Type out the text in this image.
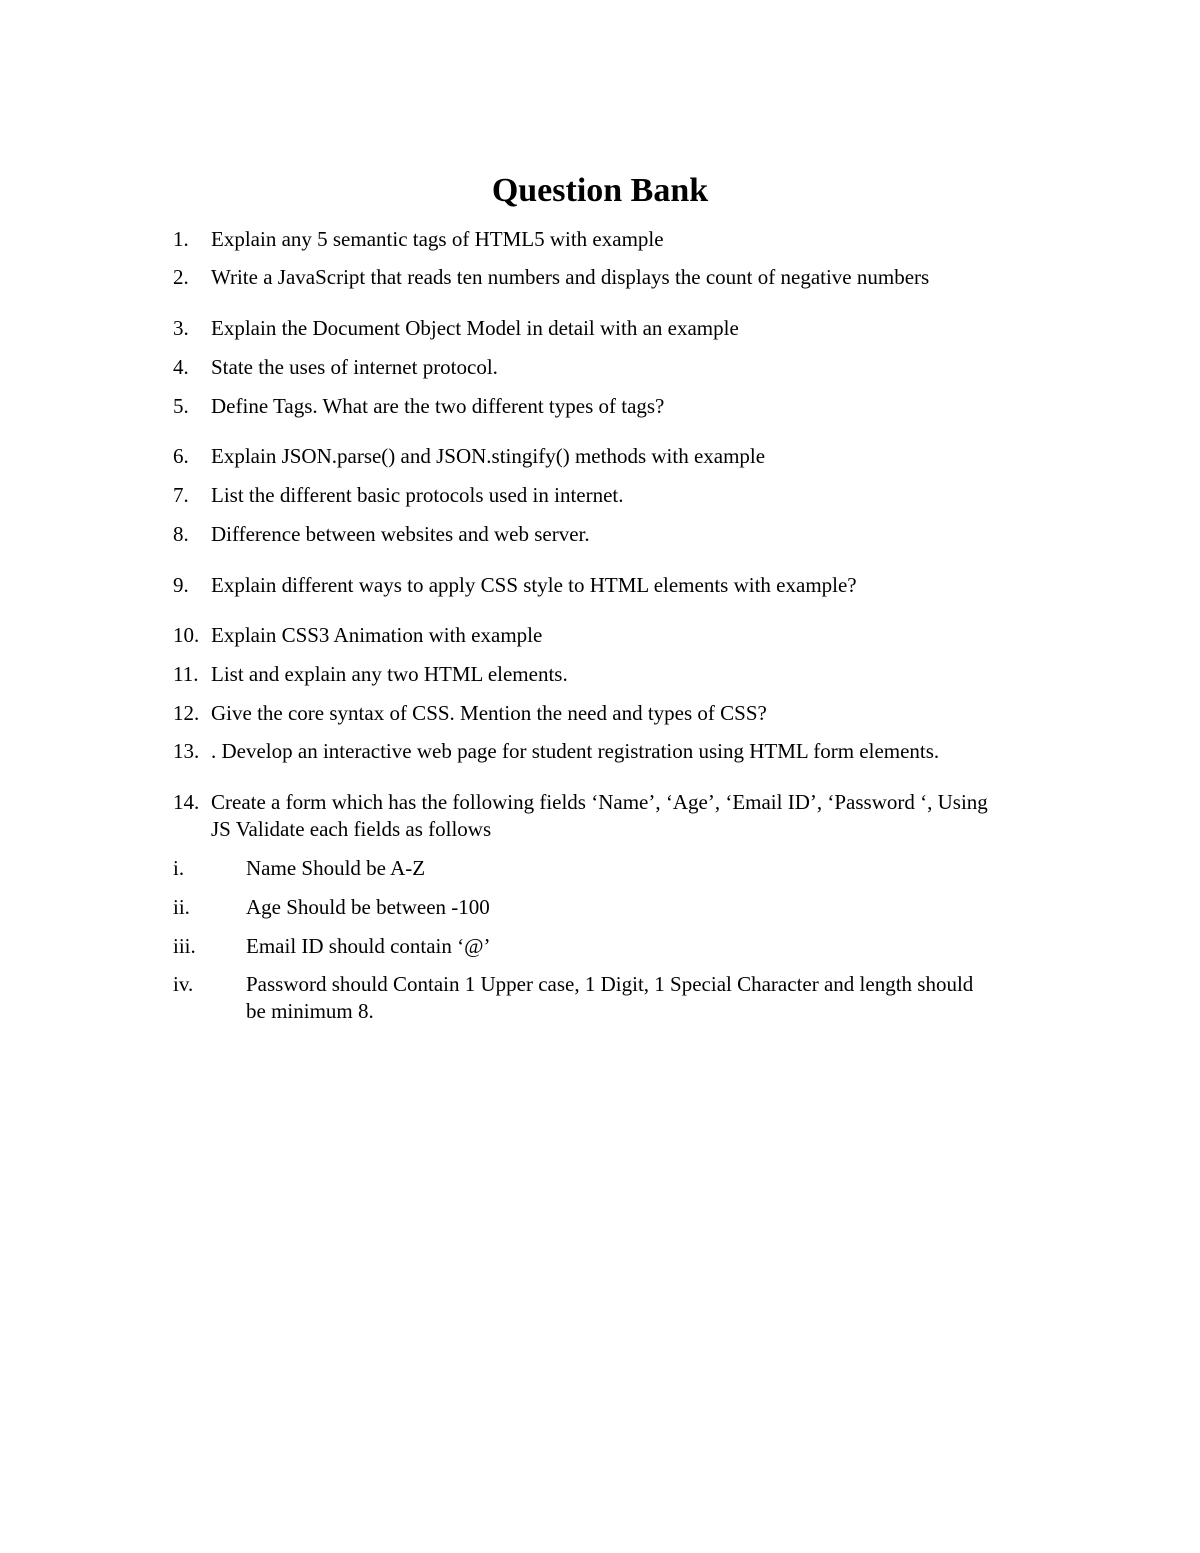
Question Bank
1. Explain any 5 semantic tags of HTML5 with example
2. Write a JavaScript that reads ten numbers and displays the count of negative numbers
3. Explain the Document Object Model in detail with an example
4. State the uses of internet protocol.
5. Define Tags. What are the two different types of tags?
6. Explain JSON.parse() and JSON.stingify() methods with example
7. List the different basic protocols used in internet.
8. Difference between websites and web server.
9. Explain different ways to apply CSS style to HTML elements with example?
10. Explain CSS3 Animation with example
11. List and explain any two HTML elements.
12. Give the core syntax of CSS. Mention the need and types of CSS?
13. . Develop an interactive web page for student registration using HTML form elements.
14. Create a form which has the following fields ‘Name’, ‘Age’, ‘Email ID’, ‘Password ‘, Using
JS Validate each fields as follows
i.	Name Should be A-Z
ii.	Age Should be between -100
iii. Email ID should contain ‘@’
iv.	Password should Contain 1 Upper case, 1 Digit, 1 Special Character and length should
be minimum 8.
